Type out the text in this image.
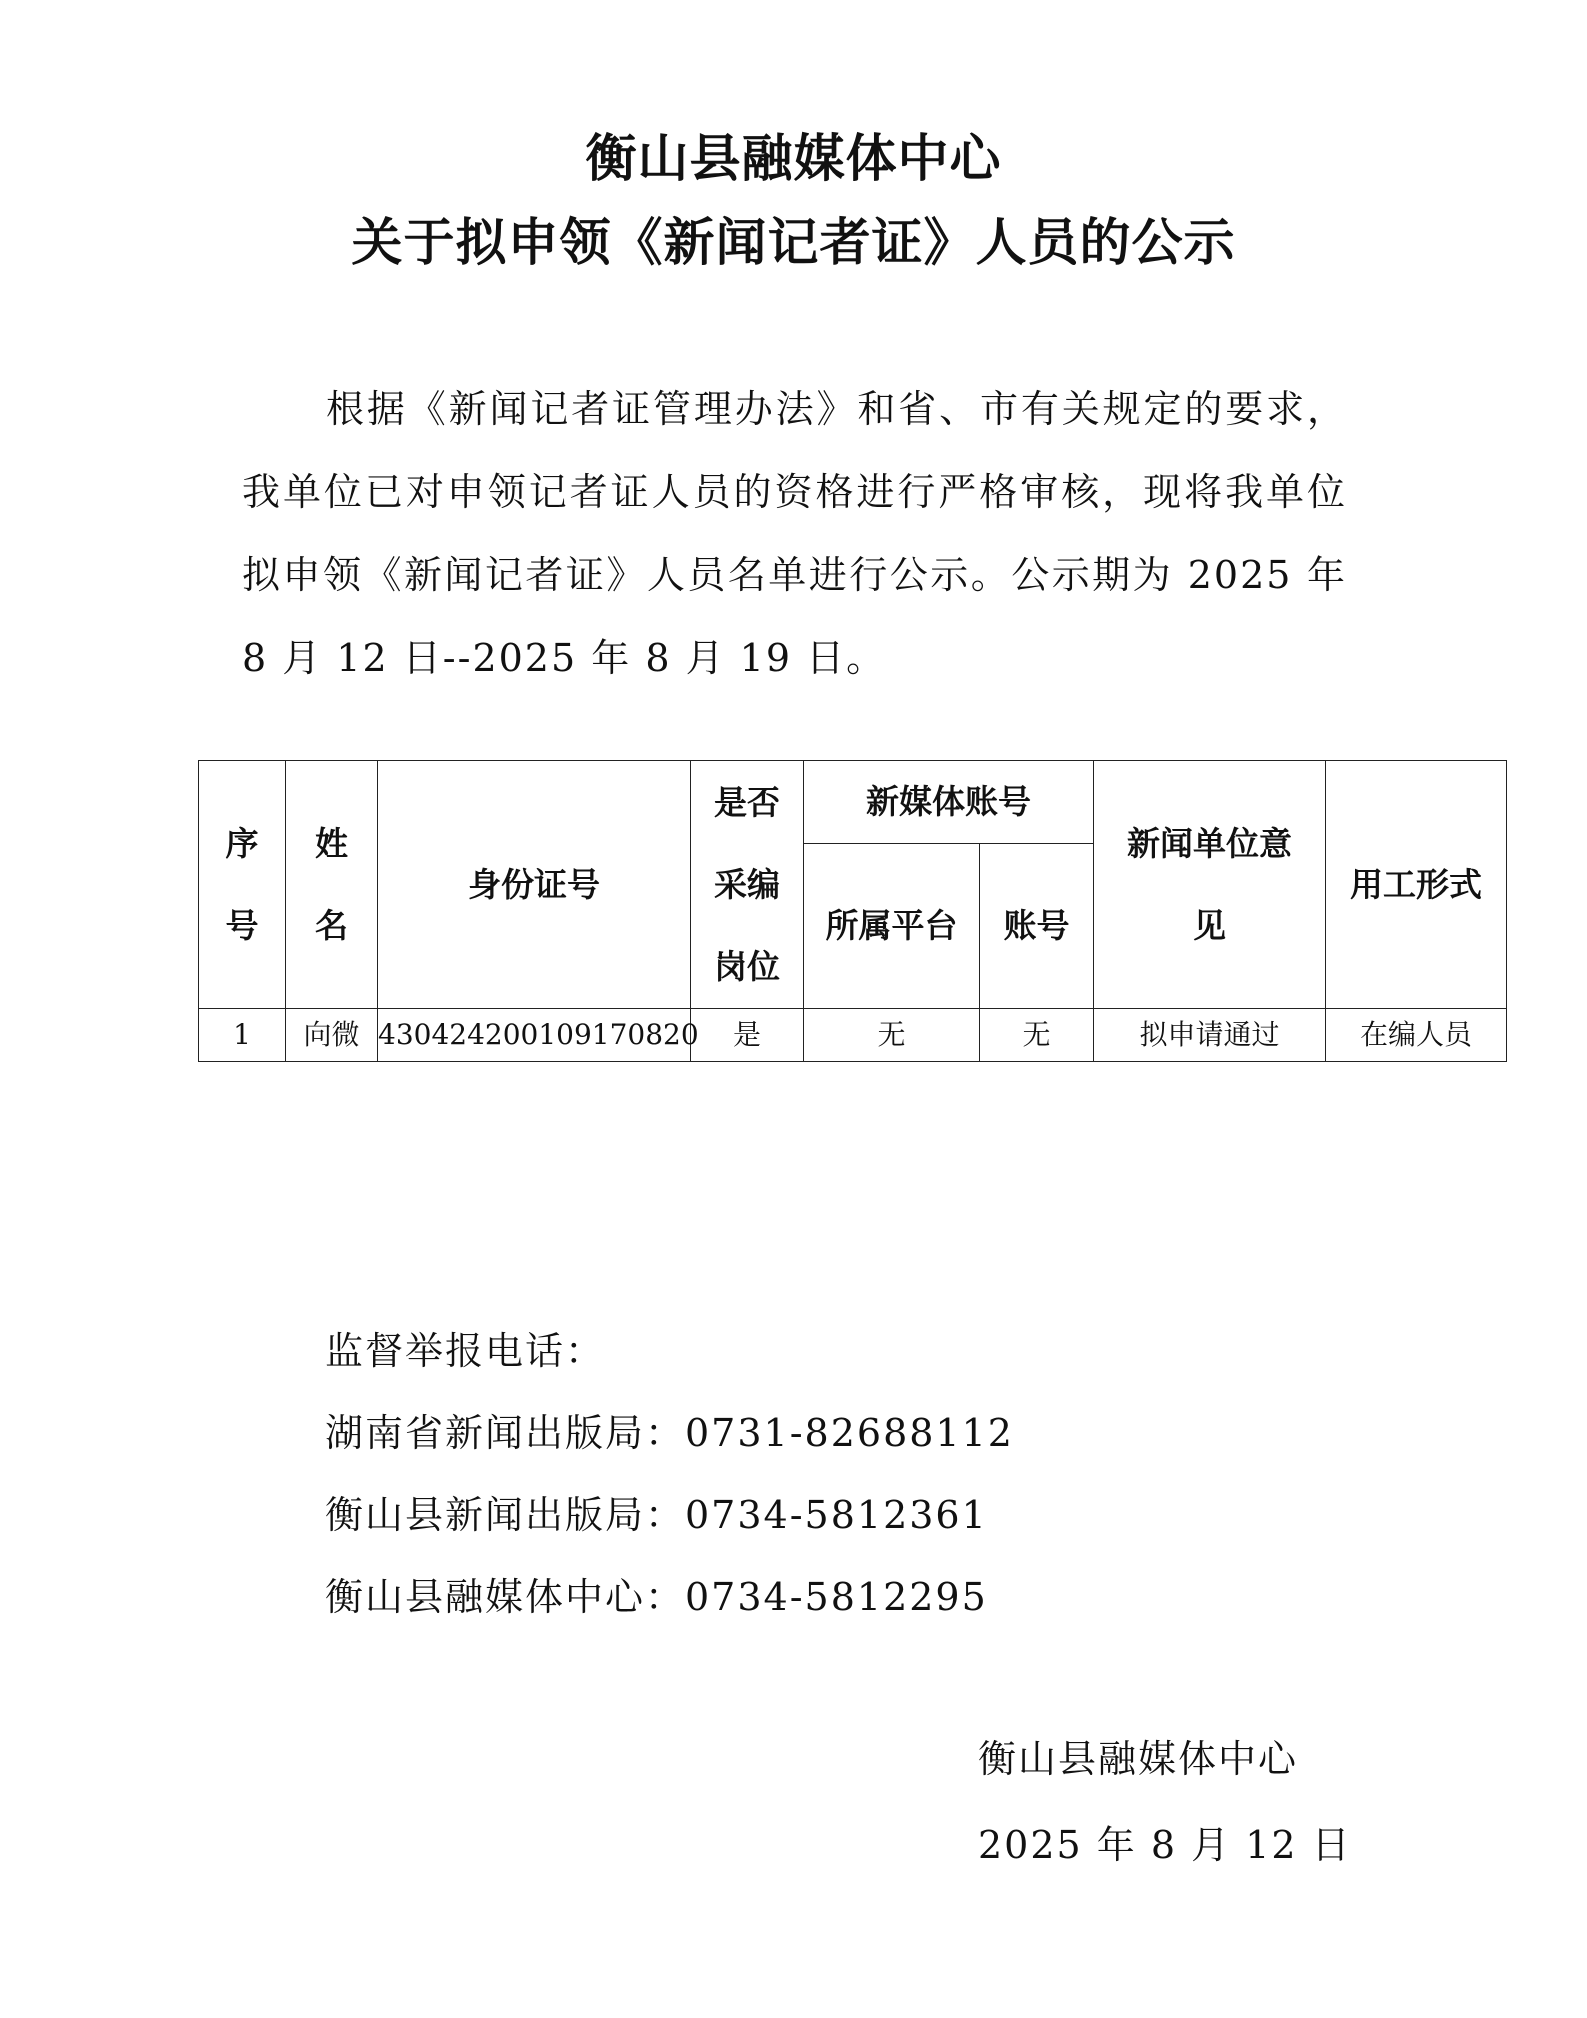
衡山县融媒体中心
关于拟申领《新闻记者证》人员的公示
根据《新闻记者证管理办法》和省、市有关规定的要求，我单位已对申领记者证人员的资格进行严格审核，现将我单位拟申领《新闻记者证》人员名单进行公示。公示期为 2025 年 8 月 12 日--2025 年 8 月 19 日。
序号	姓名	身份证号	是否采编岗位	新媒体账号		新闻单位意见	用工形式
				所属平台	账号		
1	向微	430424200109170820	是	无	无	拟申请通过	在编人员
监督举报电话：
湖南省新闻出版局：0731-82688112
衡山县新闻出版局：0734-5812361
衡山县融媒体中心：0734-5812295
衡山县融媒体中心
2025 年 8 月 12 日
